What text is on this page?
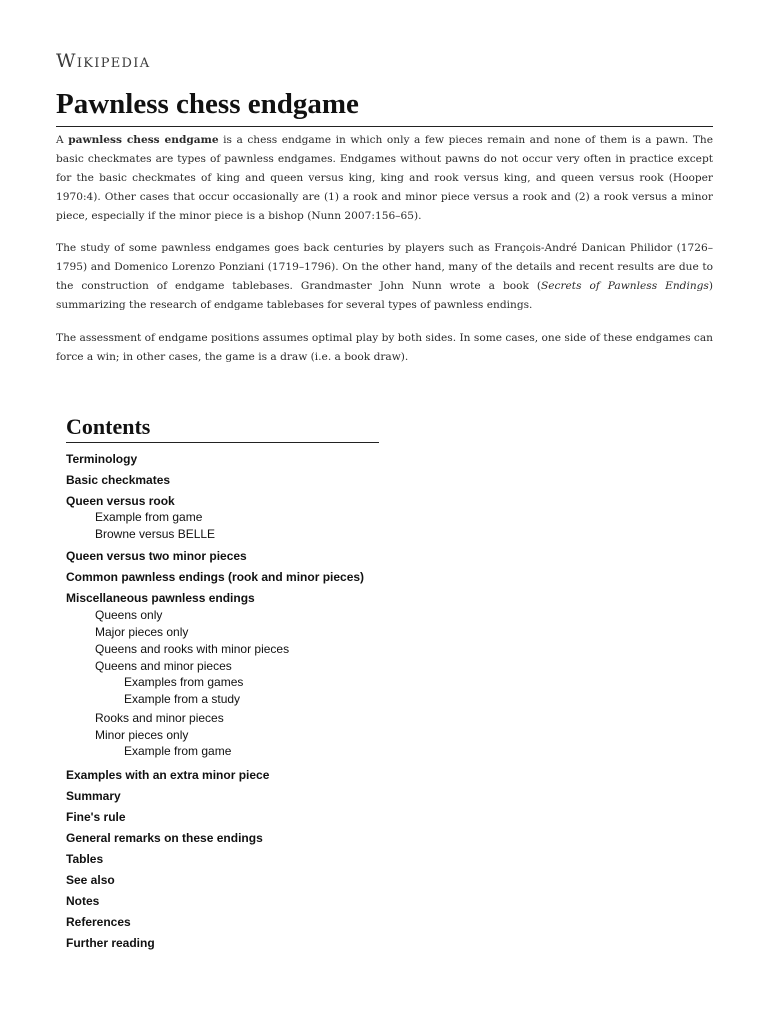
Wikipedia
Pawnless chess endgame

A pawnless chess endgame is a chess endgame in which only a few pieces remain and none of them is a pawn. The basic checkmates are types of pawnless endgames. Endgames without pawns do not occur very often in practice except for the basic checkmates of king and queen versus king, king and rook versus king, and queen versus rook (Hooper 1970:4). Other cases that occur occasionally are (1) a rook and minor piece versus a rook and (2) a rook versus a minor piece, especially if the minor piece is a bishop (Nunn 2007:156–65).

The study of some pawnless endgames goes back centuries by players such as François-André Danican Philidor (1726–1795) and Domenico Lorenzo Ponziani (1719–1796). On the other hand, many of the details and recent results are due to the construction of endgame tablebases. Grandmaster John Nunn wrote a book (Secrets of Pawnless Endings) summarizing the research of endgame tablebases for several types of pawnless endings.

The assessment of endgame positions assumes optimal play by both sides. In some cases, one side of these endgames can force a win; in other cases, the game is a draw (i.e. a book draw).

Contents
Terminology
Basic checkmates
Queen versus rook
Example from game
Browne versus BELLE
Queen versus two minor pieces
Common pawnless endings (rook and minor pieces)
Miscellaneous pawnless endings
Queens only
Major pieces only
Queens and rooks with minor pieces
Queens and minor pieces
Examples from games
Example from a study
Rooks and minor pieces
Minor pieces only
Example from game
Examples with an extra minor piece
Summary
Fine's rule
General remarks on these endings
Tables
See also
Notes
References
Further reading
